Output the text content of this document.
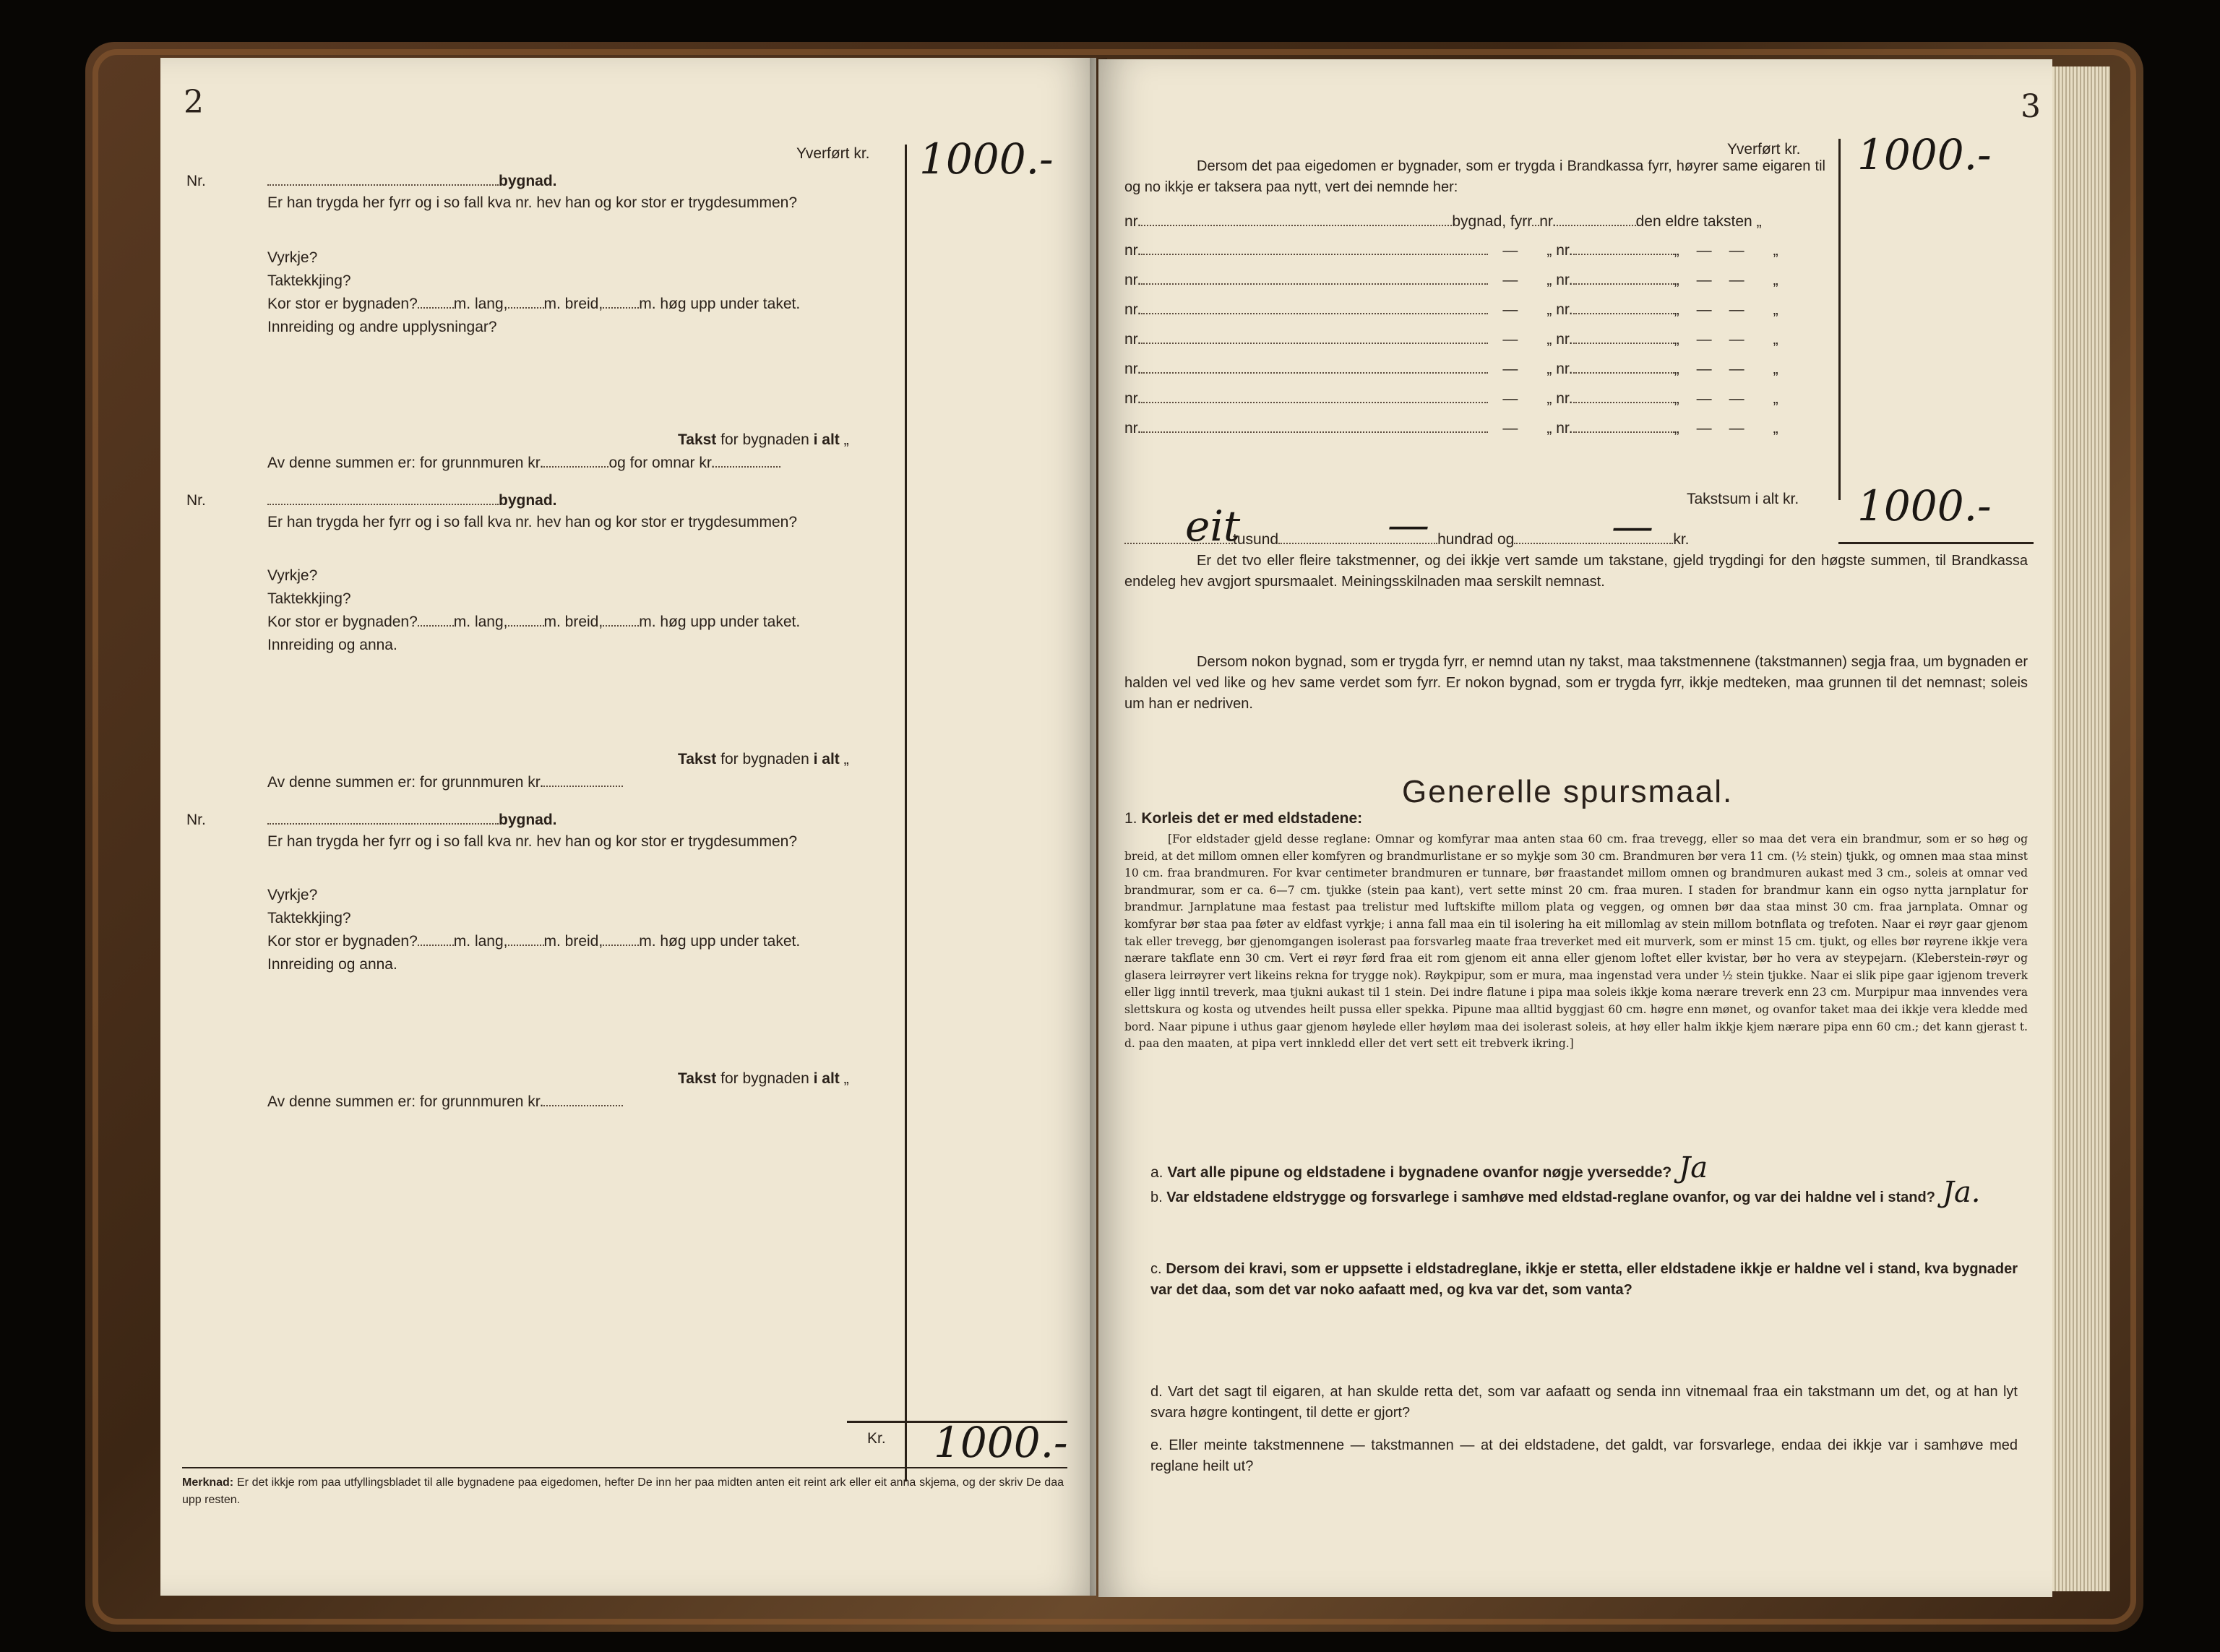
2
Yverført kr. 1000.-
Nr.	bygnad.
Er han trygda her fyrr og i so fall kva nr. hev han og kor stor er trygdesummen?
Vyrkje?
Taktekkjing?
Kor stor er bygnaden? m. lang, m. breid, m. høg upp under taket.
Innreiding og andre upplysningar?
Takst for bygnaden i alt „
Av denne summen er: for grunnmuren kr.	og for omnar kr.
Nr.	bygnad.
Er han trygda her fyrr og i so fall kva nr. hev han og kor stor er trygdesummen?
Vyrkje?
Taktekkjing?
Kor stor er bygnaden? m. lang, m. breid, m. høg upp under taket.
Innreiding og anna.
Takst for bygnaden i alt „
Av denne summen er: for grunnmuren kr.
Nr.	bygnad.
Er han trygda her fyrr og i so fall kva nr. hev han og kor stor er trygdesummen?
Vyrkje?
Taktekkjing?
Kor stor er bygnaden? m. lang, m. breid, m. høg upp under taket.
Innreiding og anna.
Takst for bygnaden i alt „
Av denne summen er: for grunnmuren kr.
Kr. 1000.-
Merknad: Er det ikkje rom paa utfyllingsbladet til alle bygnadene paa eigedomen, hefter De inn her paa midten anten eit reint ark eller eit anna skjema, og der skriv De daa upp resten.
3
Yverført kr. 1000.-
Dersom det paa eigedomen er bygnader, som er trygda i Brandkassa fyrr, høyrer same eigaren til og no ikkje er taksera paa nytt, vert dei nemnde her:
nr.	bygnad, fyrr nr.	den eldre taksten „
nr.	— „ nr.	„ — — „
nr.	— „ nr.	„ — — „
nr.	— „ nr.	„ — — „
nr.	— „ nr.	„ — — „
nr.	— „ nr.	„ — — „
nr.	— „ nr.	„ — — „
nr.	— „ nr.	„ — — „
Takstsum i alt kr. 1000.-
eit
tusund	hundrad og	kr.
—	—
Er det tvo eller fleire takstmenner, og dei ikkje vert samde um takstane, gjeld trygdingi for den høgste summen, til Brandkassa endeleg hev avgjort spursmaalet. Meiningsskilnaden maa serskilt nemnast.
Dersom nokon bygnad, som er trygda fyrr, er nemnd utan ny takst, maa takstmennene (takstmannen) segja fraa, um bygnaden er halden vel ved like og hev same verdet som fyrr. Er nokon bygnad, som er trygda fyrr, ikkje medteken, maa grunnen til det nemnast; soleis um han er nedriven.
Generelle spursmaal.
1. Korleis det er med eldstadene:
[For eldstader gjeld desse reglane: Omnar og komfyrar maa anten staa 60 cm. fraa trevegg, eller so maa det vera ein brandmur, som er so høg og breid, at det millom omnen eller komfyren og brandmurlistane er so mykje som 30 cm. Brandmuren bør vera 11 cm. (½ stein) tjukk, og omnen maa staa minst 10 cm. fraa brandmuren. For kvar centimeter brandmuren er tunnare, bør fraastandet millom omnen og brandmuren aukast med 3 cm., soleis at omnar ved brandmurar, som er ca. 6—7 cm. tjukke (stein paa kant), vert sette minst 20 cm. fraa muren. I staden for brandmur kann ein ogso nytta jarnplatur for brandmur. Jarnplatune maa festast paa trelistur med luftskifte millom plata og veggen, og omnen bør daa staa minst 30 cm. fraa jarnplata. Omnar og komfyrar bør staa paa føter av eldfast vyrkje; i anna fall maa ein til isolering ha eit millomlag av stein millom botnflata og trefoten. Naar ei røyr gaar gjenom tak eller trevegg, bør gjenomgangen isolerast paa forsvarleg maate fraa treverket med eit murverk, som er minst 15 cm. tjukt, og elles bør røyrene ikkje vera nærare takflate enn 30 cm. Vert ei røyr førd fraa eit rom gjenom eit anna eller gjenom loftet eller kvistar, bør ho vera av steypejarn. (Kleberstein-røyr og glasera leirrøyrer vert likeins rekna for trygge nok). Røykpipur, som er mura, maa ingenstad vera under ½ stein tjukke. Naar ei slik pipe gaar igjenom treverk eller ligg inntil treverk, maa tjukni aukast til 1 stein. Dei indre flatune i pipa maa soleis ikkje koma nærare treverk enn 23 cm. Murpipur maa innvendes vera slettskura og kosta og utvendes heilt pussa eller spekka. Pipune maa alltid byggjast 60 cm. høgre enn mønet, og ovanfor taket maa dei ikkje vera kledde med bord. Naar pipune i uthus gaar gjenom høylede eller høyløm maa dei isolerast soleis, at høy eller halm ikkje kjem nærare pipa enn 60 cm.; det kann gjerast t. d. paa den maaten, at pipa vert innkledd eller det vert sett eit trebverk ikring.]
a. Vart alle pipune og eldstadene i bygnadene ovanfor nøgje yversedde? Ja
b. Var eldstadene eldstrygge og forsvarlege i samhøve med eldstad-reglane ovanfor, og var dei haldne vel i stand? Ja.
c. Dersom dei kravi, som er uppsette i eldstadreglane, ikkje er stetta, eller eldstadene ikkje er haldne vel i stand, kva bygnader var det daa, som det var noko aafaatt med, og kva var det, som vanta?
d. Vart det sagt til eigaren, at han skulde retta det, som var aafaatt og senda inn vitnemaal fraa ein takstmann um det, og at han lyt svara høgre kontingent, til dette er gjort?
e. Eller meinte takstmennene — takstmannen — at dei eldstadene, det galdt, var forsvarlege, endaa dei ikkje var i samhøve med reglane heilt ut?
